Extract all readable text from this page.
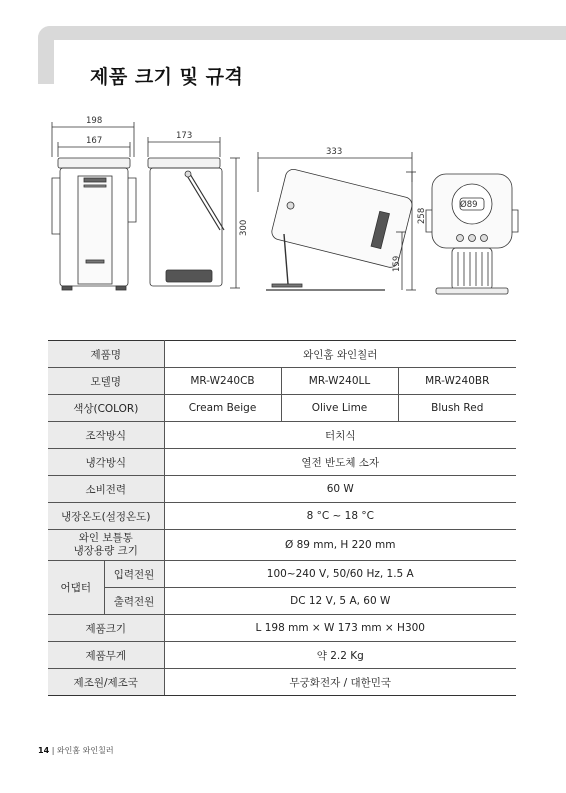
제품 크기 및 규격
198
167	173
300
333
258
159
Ø89
제품명		와인홈 와인칠러		
모델명		MR-W240CB	MR-W240LL	MR-W240BR
색상(COLOR)		Cream Beige	Olive Lime	Blush Red
조작방식		터치식		
냉각방식		열전 반도체 소자		
소비전력		60 W		
냉장온도(설정온도)		8 °C ~ 18 °C		
와인 보틀통
냉장용량 크기		Ø 89 mm, H 220 mm		
어댑터	입력전원	100~240 V, 50/60 Hz, 1.5 A		
	출력전원	DC 12 V, 5 A, 60 W		
제품크기		L 198 mm × W 173 mm × H300		
제품무게		약 2.2 Kg		
제조원/제조국		무궁화전자 / 대한민국		
14 | 와인홈 와인칠러
